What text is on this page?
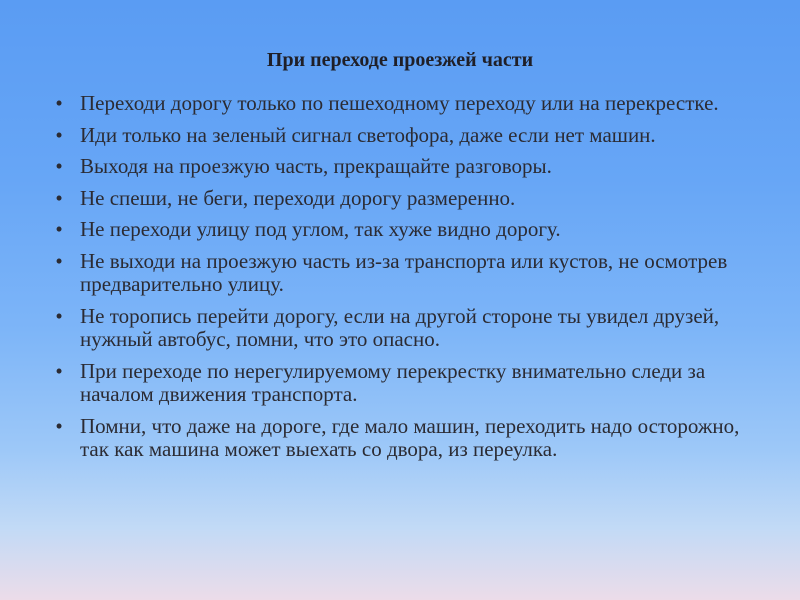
При переходе проезжей части
• Переходи дорогу только по пешеходному переходу или на перекрестке.
• Иди только на зеленый сигнал светофора, даже если нет машин.
• Выходя на проезжую часть, прекращайте разговоры.
• Не спеши, не беги, переходи дорогу размеренно.
• Не переходи улицу под углом, так хуже видно дорогу.
• Не выходи на проезжую часть из-за транспорта или кустов, не осмотрев предварительно улицу.
• Не торопись перейти дорогу, если на другой стороне ты увидел друзей, нужный автобус, помни, что это опасно.
• При переходе по нерегулируемому перекрестку внимательно следи за началом движения транспорта.
• Помни, что даже на дороге, где мало машин, переходить надо осторожно, так как машина может выехать со двора, из переулка.
